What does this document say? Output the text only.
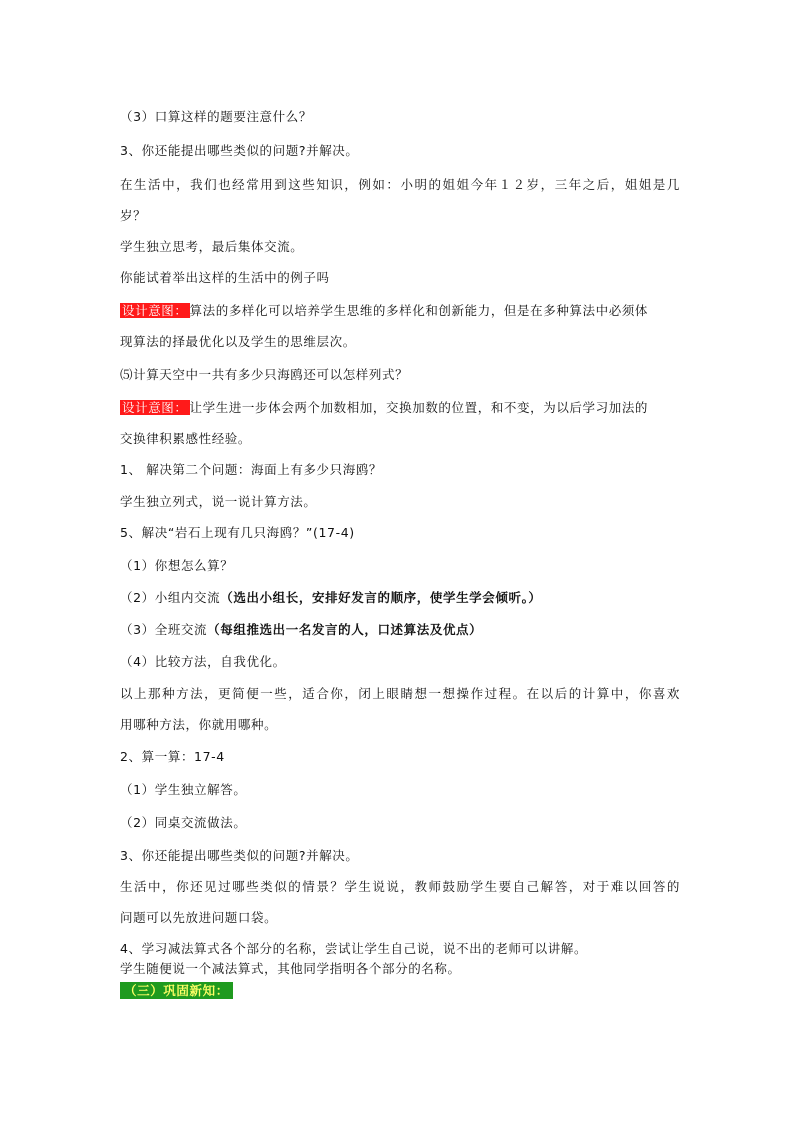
（3）口算这样的题要注意什么？
3、你还能提出哪些类似的问题?并解决。
在生活中，我们也经常用到这些知识，例如：小明的姐姐今年１２岁，三年之后，姐姐是几
岁？
学生独立思考，最后集体交流。
你能试着举出这样的生活中的例子吗
设计意图： 算法的多样化可以培养学生思维的多样化和创新能力，但是在多种算法中必须体
现算法的择最优化以及学生的思维层次。
⑸计算天空中一共有多少只海鸥还可以怎样列式？
设计意图： 让学生进一步体会两个加数相加，交换加数的位置，和不变，为以后学习加法的
交换律积累感性经验。
1、 解决第二个问题：海面上有多少只海鸥？
学生独立列式，说一说计算方法。
5、解决“岩石上现有几只海鸥？”(17-4)
（1）你想怎么算？
（2）小组内交流（选出小组长，安排好发言的顺序，使学生学会倾听。）
（3）全班交流（每组推选出一名发言的人，口述算法及优点）
（4）比较方法，自我优化。
以上那种方法，更简便一些，适合你，闭上眼睛想一想操作过程。在以后的计算中，你喜欢
用哪种方法，你就用哪种。
2、算一算：17-4
（1）学生独立解答。
（2）同桌交流做法。
3、你还能提出哪些类似的问题?并解决。
生活中，你还见过哪些类似的情景？学生说说，教师鼓励学生要自己解答，对于难以回答的
问题可以先放进问题口袋。
4、学习减法算式各个部分的名称，尝试让学生自己说，说不出的老师可以讲解。
学生随便说一个减法算式，其他同学指明各个部分的名称。
（三）巩固新知：
